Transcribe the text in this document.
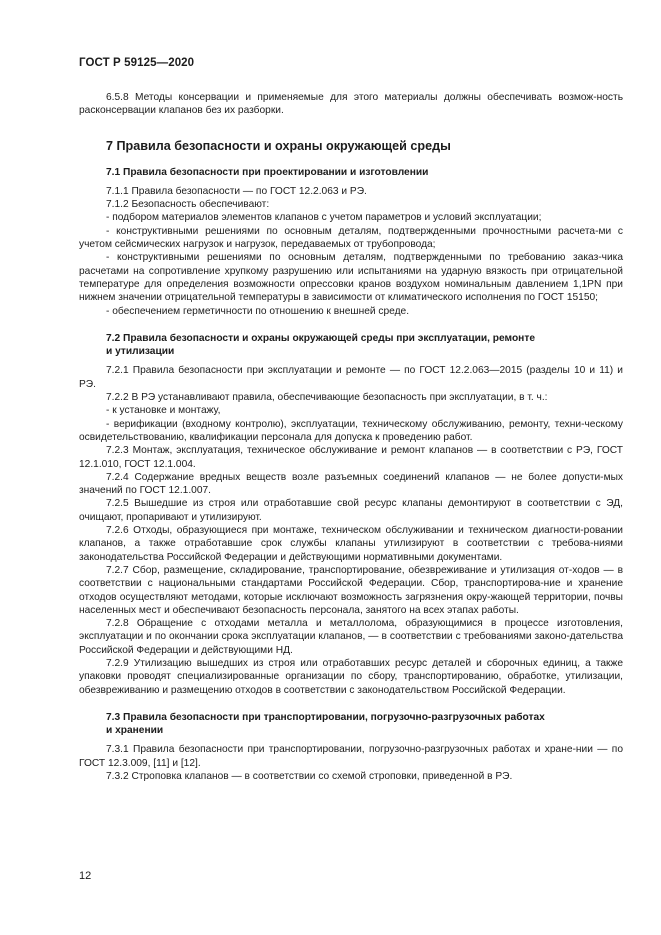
ГОСТ Р 59125—2020

6.5.8 Методы консервации и применяемые для этого материалы должны обеспечивать возмож-ность расконсервации клапанов без их разборки.

7 Правила безопасности и охраны окружающей среды
7.1 Правила безопасности при проектировании и изготовлении

7.1.1 Правила безопасности — по ГОСТ 12.2.063 и РЭ.

7.1.2 Безопасность обеспечивают:

- подбором материалов элементов клапанов с учетом параметров и условий эксплуатации;

- конструктивными решениями по основным деталям, подтвержденными прочностными расчета-ми с учетом сейсмических нагрузок и нагрузок, передаваемых от трубопровода;

- конструктивными решениями по основным деталям, подтвержденными по требованию заказ-чика расчетами на сопротивление хрупкому разрушению или испытаниями на ударную вязкость при отрицательной температуре для определения возможности опрессовки кранов воздухом номинальным давлением 1,1PN при нижнем значении отрицательной температуры в зависимости от климатического исполнения по ГОСТ 15150;

- обеспечением герметичности по отношению к внешней среде.

7.2 Правила безопасности и охраны окружающей среды при эксплуатации, ремонте
и утилизации

7.2.1 Правила безопасности при эксплуатации и ремонте — по ГОСТ 12.2.063—2015 (разделы 10 и 11) и РЭ.

7.2.2 В РЭ устанавливают правила, обеспечивающие безопасность при эксплуатации, в т. ч.:

- к установке и монтажу,

- верификации (входному контролю), эксплуатации, техническому обслуживанию, ремонту, техни-ческому освидетельствованию, квалификации персонала для допуска к проведению работ.

7.2.3 Монтаж, эксплуатация, техническое обслуживание и ремонт клапанов — в соответствии с РЭ, ГОСТ 12.1.010, ГОСТ 12.1.004.

7.2.4 Содержание вредных веществ возле разъемных соединений клапанов — не более допусти-мых значений по ГОСТ 12.1.007.

7.2.5 Вышедшие из строя или отработавшие свой ресурс клапаны демонтируют в соответствии с ЭД, очищают, пропаривают и утилизируют.

7.2.6 Отходы, образующиеся при монтаже, техническом обслуживании и техническом диагности-ровании клапанов, а также отработавшие срок службы клапаны утилизируют в соответствии с требова-ниями законодательства Российской Федерации и действующими нормативными документами.

7.2.7 Сбор, размещение, складирование, транспортирование, обезвреживание и утилизация от-ходов — в соответствии с национальными стандартами Российской Федерации. Сбор, транспортирова-ние и хранение отходов осуществляют методами, которые исключают возможность загрязнения окру-жающей территории, почвы населенных мест и обеспечивают безопасность персонала, занятого на всех этапах работы.

7.2.8 Обращение с отходами металла и металлолома, образующимися в процессе изготовления, эксплуатации и по окончании срока эксплуатации клапанов, — в соответствии с требованиями законо-дательства Российской Федерации и действующими НД.

7.2.9 Утилизацию вышедших из строя или отработавших ресурс деталей и сборочных единиц, а также упаковки проводят специализированные организации по сбору, транспортированию, обработке, утилизации, обезвреживанию и размещению отходов в соответствии с законодательством Российской Федерации.

7.3 Правила безопасности при транспортировании, погрузочно-разгрузочных работах
и хранении

7.3.1 Правила безопасности при транспортировании, погрузочно-разгрузочных работах и хране-нии — по ГОСТ 12.3.009, [11] и [12].

7.3.2 Строповка клапанов — в соответствии со схемой строповки, приведенной в РЭ.

12
